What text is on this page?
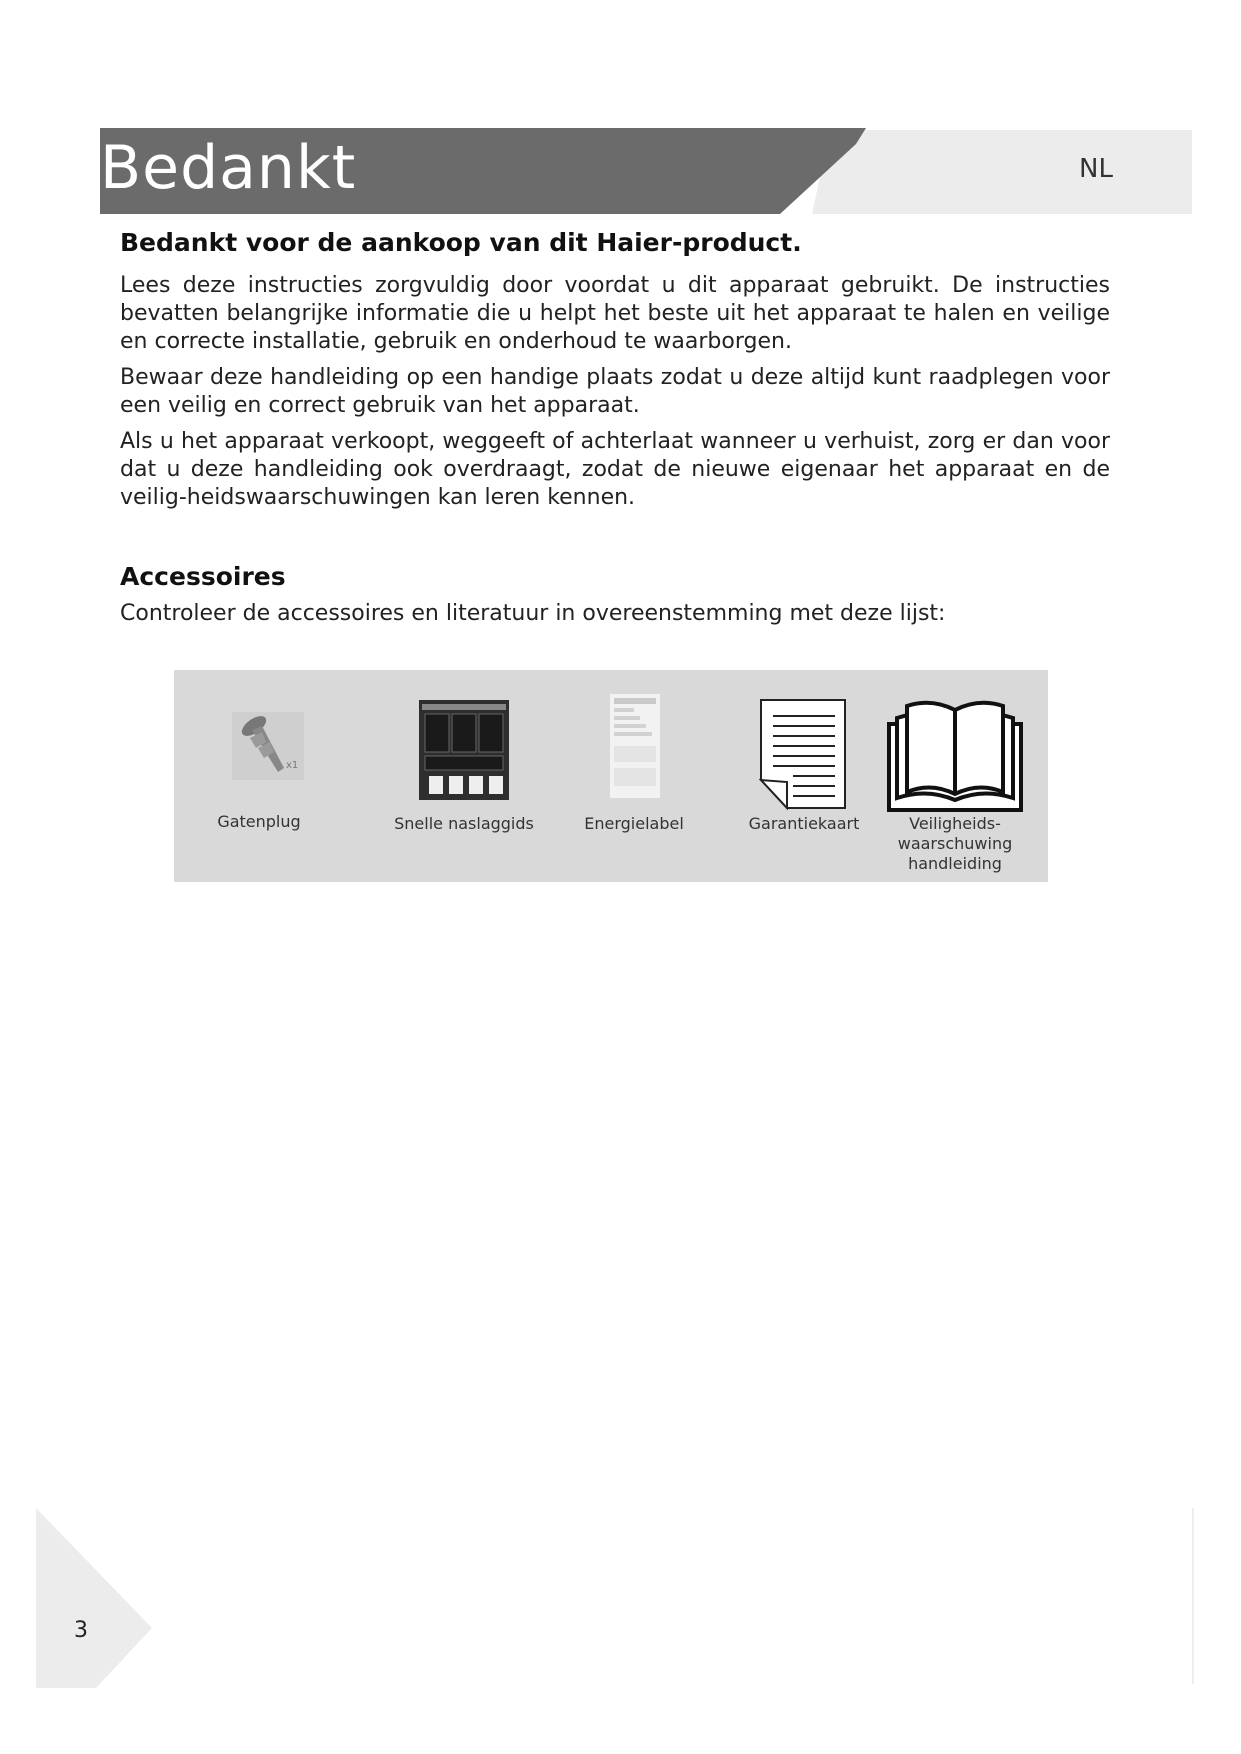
Bedankt	NL
Bedankt voor de aankoop van dit Haier-product.

Lees deze instructies zorgvuldig door voordat u dit apparaat gebruikt. De instructies bevatten belangrijke informatie die u helpt het beste uit het apparaat te halen en veilige en correcte installatie, gebruik en onderhoud te waarborgen.

Bewaar deze handleiding op een handige plaats zodat u deze altijd kunt raadplegen voor een veilig en correct gebruik van het apparaat.

Als u het apparaat verkoopt, weggeeft of achterlaat wanneer u verhuist, zorg er dan voor dat u deze handleiding ook overdraagt, zodat de nieuwe eigenaar het apparaat en de veilig-heidswaarschuwingen kan leren kennen.

Accessoires
Controleer de accessoires en literatuur in overeenstemming met deze lijst:
x1
Gatenplug	Snelle naslaggids	Energielabel	Garantiekaart	Veiligheids-
waarschuwing
handleiding
3
